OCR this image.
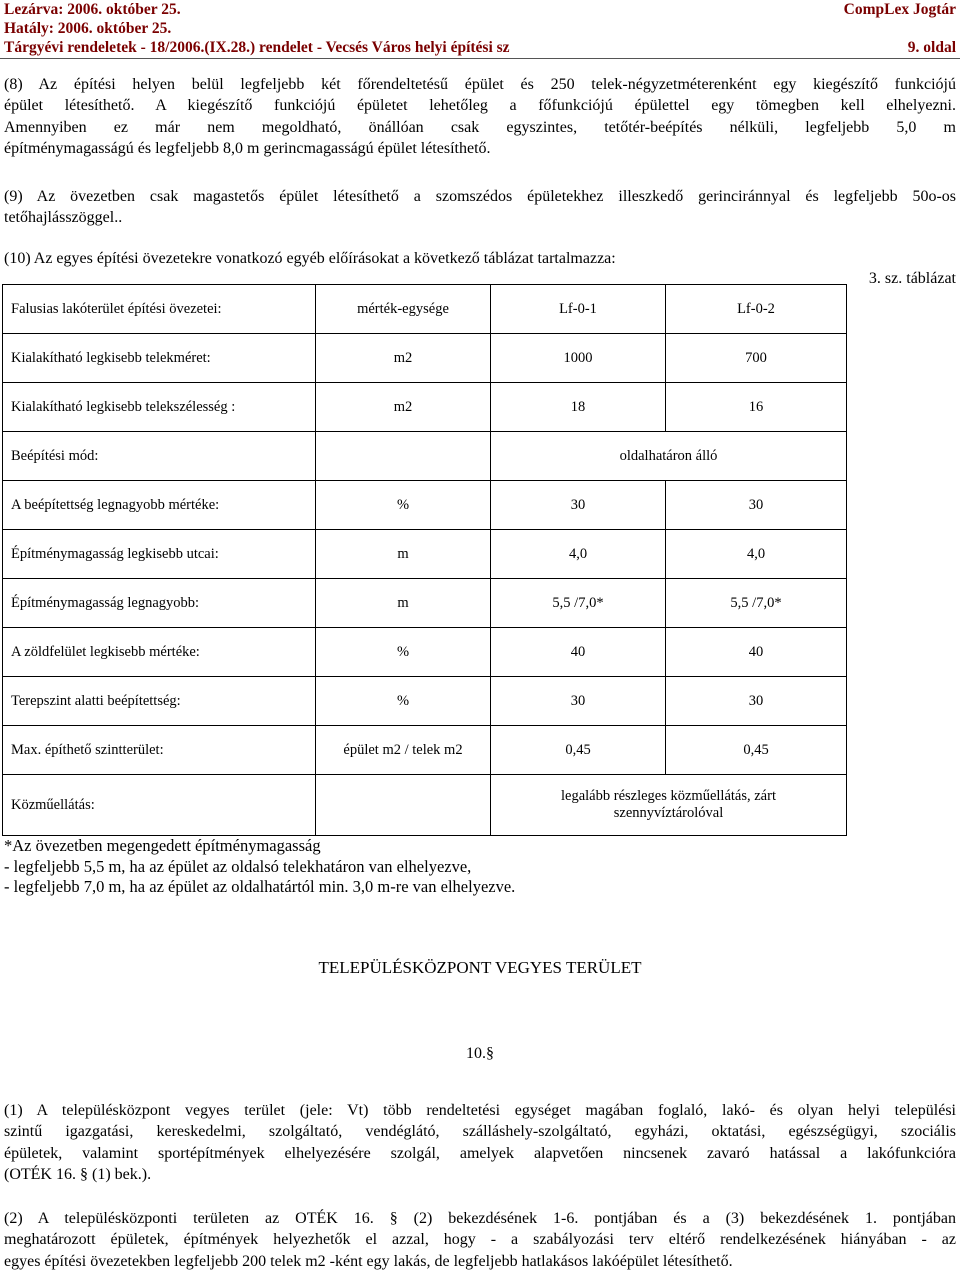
Lezárva: 2006. október 25.	CompLex Jogtár
Hatály: 2006. október 25.
Tárgyévi rendeletek - 18/2006.(IX.28.) rendelet - Vecsés Város helyi építési sz	9. oldal
(8) Az építési helyen belül legfeljebb két főrendeltetésű épület és 250 telek-négyzetméterenként egy kiegészítő funkciójú
épület létesíthető. A kiegészítő funkciójú épületet lehetőleg a főfunkciójú épülettel egy tömegben kell elhelyezni.
Amennyiben ez már nem megoldható, önállóan csak egyszintes, tetőtér-beépítés nélküli, legfeljebb 5,0 m
építménymagasságú és legfeljebb 8,0 m gerincmagasságú épület létesíthető.
(9) Az övezetben csak magastetős épület létesíthető a szomszédos épületekhez illeszkedő gerinciránnyal és legfeljebb 50o-os
tetőhajlásszöggel..
(10) Az egyes építési övezetekre vonatkozó egyéb előírásokat a következő táblázat tartalmazza:
3. sz. táblázat
Falusias lakóterület építési övezetei:	mérték-egysége	Lf-0-1	Lf-0-2
Kialakítható legkisebb telekméret:	m2	1000	700
Kialakítható legkisebb telekszélesség :	m2	18	16
Beépítési mód:		oldalhatáron álló	
A beépítettség legnagyobb mértéke:	%	30	30
Építménymagasság legkisebb utcai:	m	4,0	4,0
Építménymagasság legnagyobb:	m	5,5 /7,0*	5,5 /7,0*
A zöldfelület legkisebb mértéke:	%	40	40
Terepszint alatti beépítettség:	%	30	30
Max. építhető szintterület:	épület m2 / telek m2	0,45	0,45
Közműellátás:		legalább részleges közműellátás, zárt szennyvíztárolóval	
*Az övezetben megengedett építménymagasság
- legfeljebb 5,5 m, ha az épület az oldalsó telekhatáron van elhelyezve,
- legfeljebb 7,0 m, ha az épület az oldalhatártól min. 3,0 m-re van elhelyezve.
TELEPÜLÉSKÖZPONT VEGYES TERÜLET
10.§
(1) A településközpont vegyes terület (jele: Vt) több rendeltetési egységet magában foglaló, lakó- és olyan helyi települési
szintű igazgatási, kereskedelmi, szolgáltató, vendéglátó, szálláshely-szolgáltató, egyházi, oktatási, egészségügyi, szociális
épületek, valamint sportépítmények elhelyezésére szolgál, amelyek alapvetően nincsenek zavaró hatással a lakófunkcióra
(OTÉK 16. § (1) bek.).
(2) A településközponti területen az OTÉK 16. § (2) bekezdésének 1-6. pontjában és a (3) bekezdésének 1. pontjában
meghatározott épületek, építmények helyezhetők el azzal, hogy - a szabályozási terv eltérő rendelkezésének hiányában - az
egyes építési övezetekben legfeljebb 200 telek m2 -ként egy lakás, de legfeljebb hatlakásos lakóépület létesíthető.
